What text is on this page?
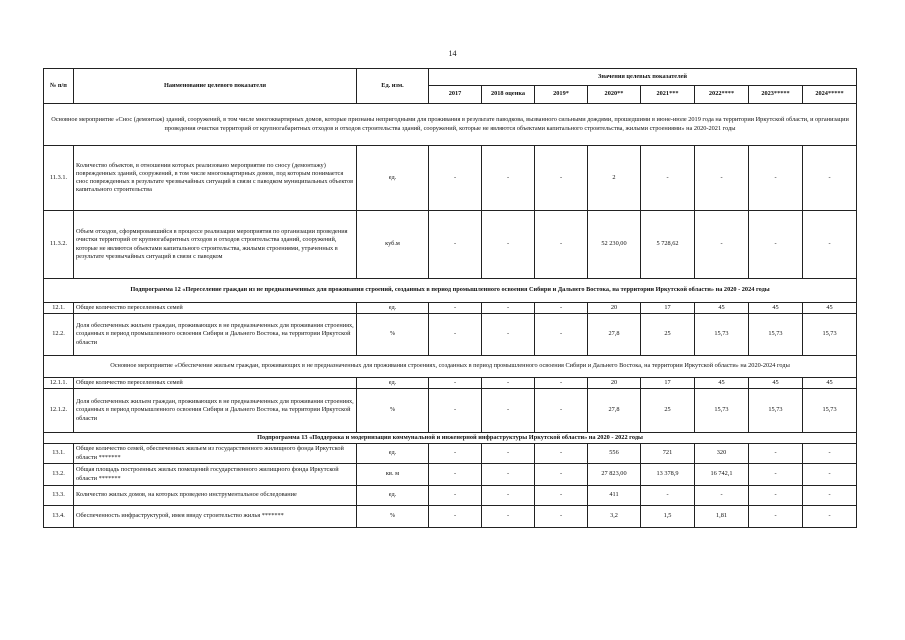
14
№ п/п	Наименование целевого показателя	Ед. изм.	Значения целевых показателей							
			2017	2018 оценка	2019*	2020**	2021***	2022****	2023*****	2024*****
Основное мероприятие «Снос (демонтаж) зданий, сооружений, в том числе многоквартирных домов, которые признаны непригодными для проживания в результате паводкова, вызванного сильными дождями, прошедшими в июне-июле 2019 года на территории Иркутской области, и организации проведения очистки территорий от крупногабаритных отходов и отходов строительства зданий, сооружений, которые не являются объектами капитального строительства, жилыми строениями» на 2020-2021 годы										
11.3.1.	Количество объектов, в отношении которых реализовано мероприятие по сносу (демонтажу) поврежденных зданий, сооружений, в том числе многоквартирных домов, под которым понимается снос поврежденных в результате чрезвычайных ситуаций в связи с паводком муниципальных объектов капитального строительства	ед.	-	-	-	2	-	-	-	-
11.3.2.	Объем отходов, сформировавшийся в процессе реализации мероприятия по организации проведения очистки территорий от крупногабаритных отходов и отходов строительства зданий, сооружений, которые не являются объектами капитального строительства, жилыми строениями, утраченных в результате чрезвычайных ситуаций в связи с паводком	куб.м	-	-	-	52 230,00	5 728,62	-	-	-
Подпрограмма 12 «Переселение граждан из не предназначенных для проживания строений, созданных в период промышленного освоения Сибири и Дальнего Востока, на территории Иркутской области» на 2020 - 2024 годы										
12.1.	Общее количество переселенных семей	ед.	-	-	-	20	17	45	45	45
12.2.	Доля обеспеченных жильем граждан, проживающих в не предназначенных для проживания строениях, созданных в период промышленного освоения Сибири и Дальнего Востока, на территории Иркутской области	%	-	-	-	27,8	25	15,73	15,73	15,73
Основное мероприятие «Обеспечение жильем граждан, проживающих в не предназначенных для проживания строениях, созданных в период промышленного освоения Сибири и Дальнего Востока, на территории Иркутской области» на 2020-2024 годы										
12.1.1.	Общее количество переселенных семей	ед.	-	-	-	20	17	45	45	45
12.1.2.	Доля обеспеченных жильем граждан, проживающих в не предназначенных для проживания строениях, созданных в период промышленного освоения Сибири и Дальнего Востока, на территории Иркутской области	%	-	-	-	27,8	25	15,73	15,73	15,73
Подпрограмма 13 «Поддержка и модернизация коммунальной и инженерной инфраструктуры Иркутской области» на 2020 - 2022 годы										
13.1.	Общее количество семей, обеспеченных жильем из государственного жилищного фонда Иркутской области *******	ед.	-	-	-	556	721	320	-	-
13.2.	Общая площадь построенных жилых помещений государственного жилищного фонда Иркутской области *******	кв. м	-	-	-	27 823,00	13 378,9	16 742,1	-	-
13.3.	Количество жилых домов, на которых проведено инструментальное обследование	ед.	-	-	-	411	-	-	-	-
13.4.	Обеспеченность инфраструктурой, имея ввиду строительство жилья *******	%	-	-	-	3,2	1,5	1,81	-	-
